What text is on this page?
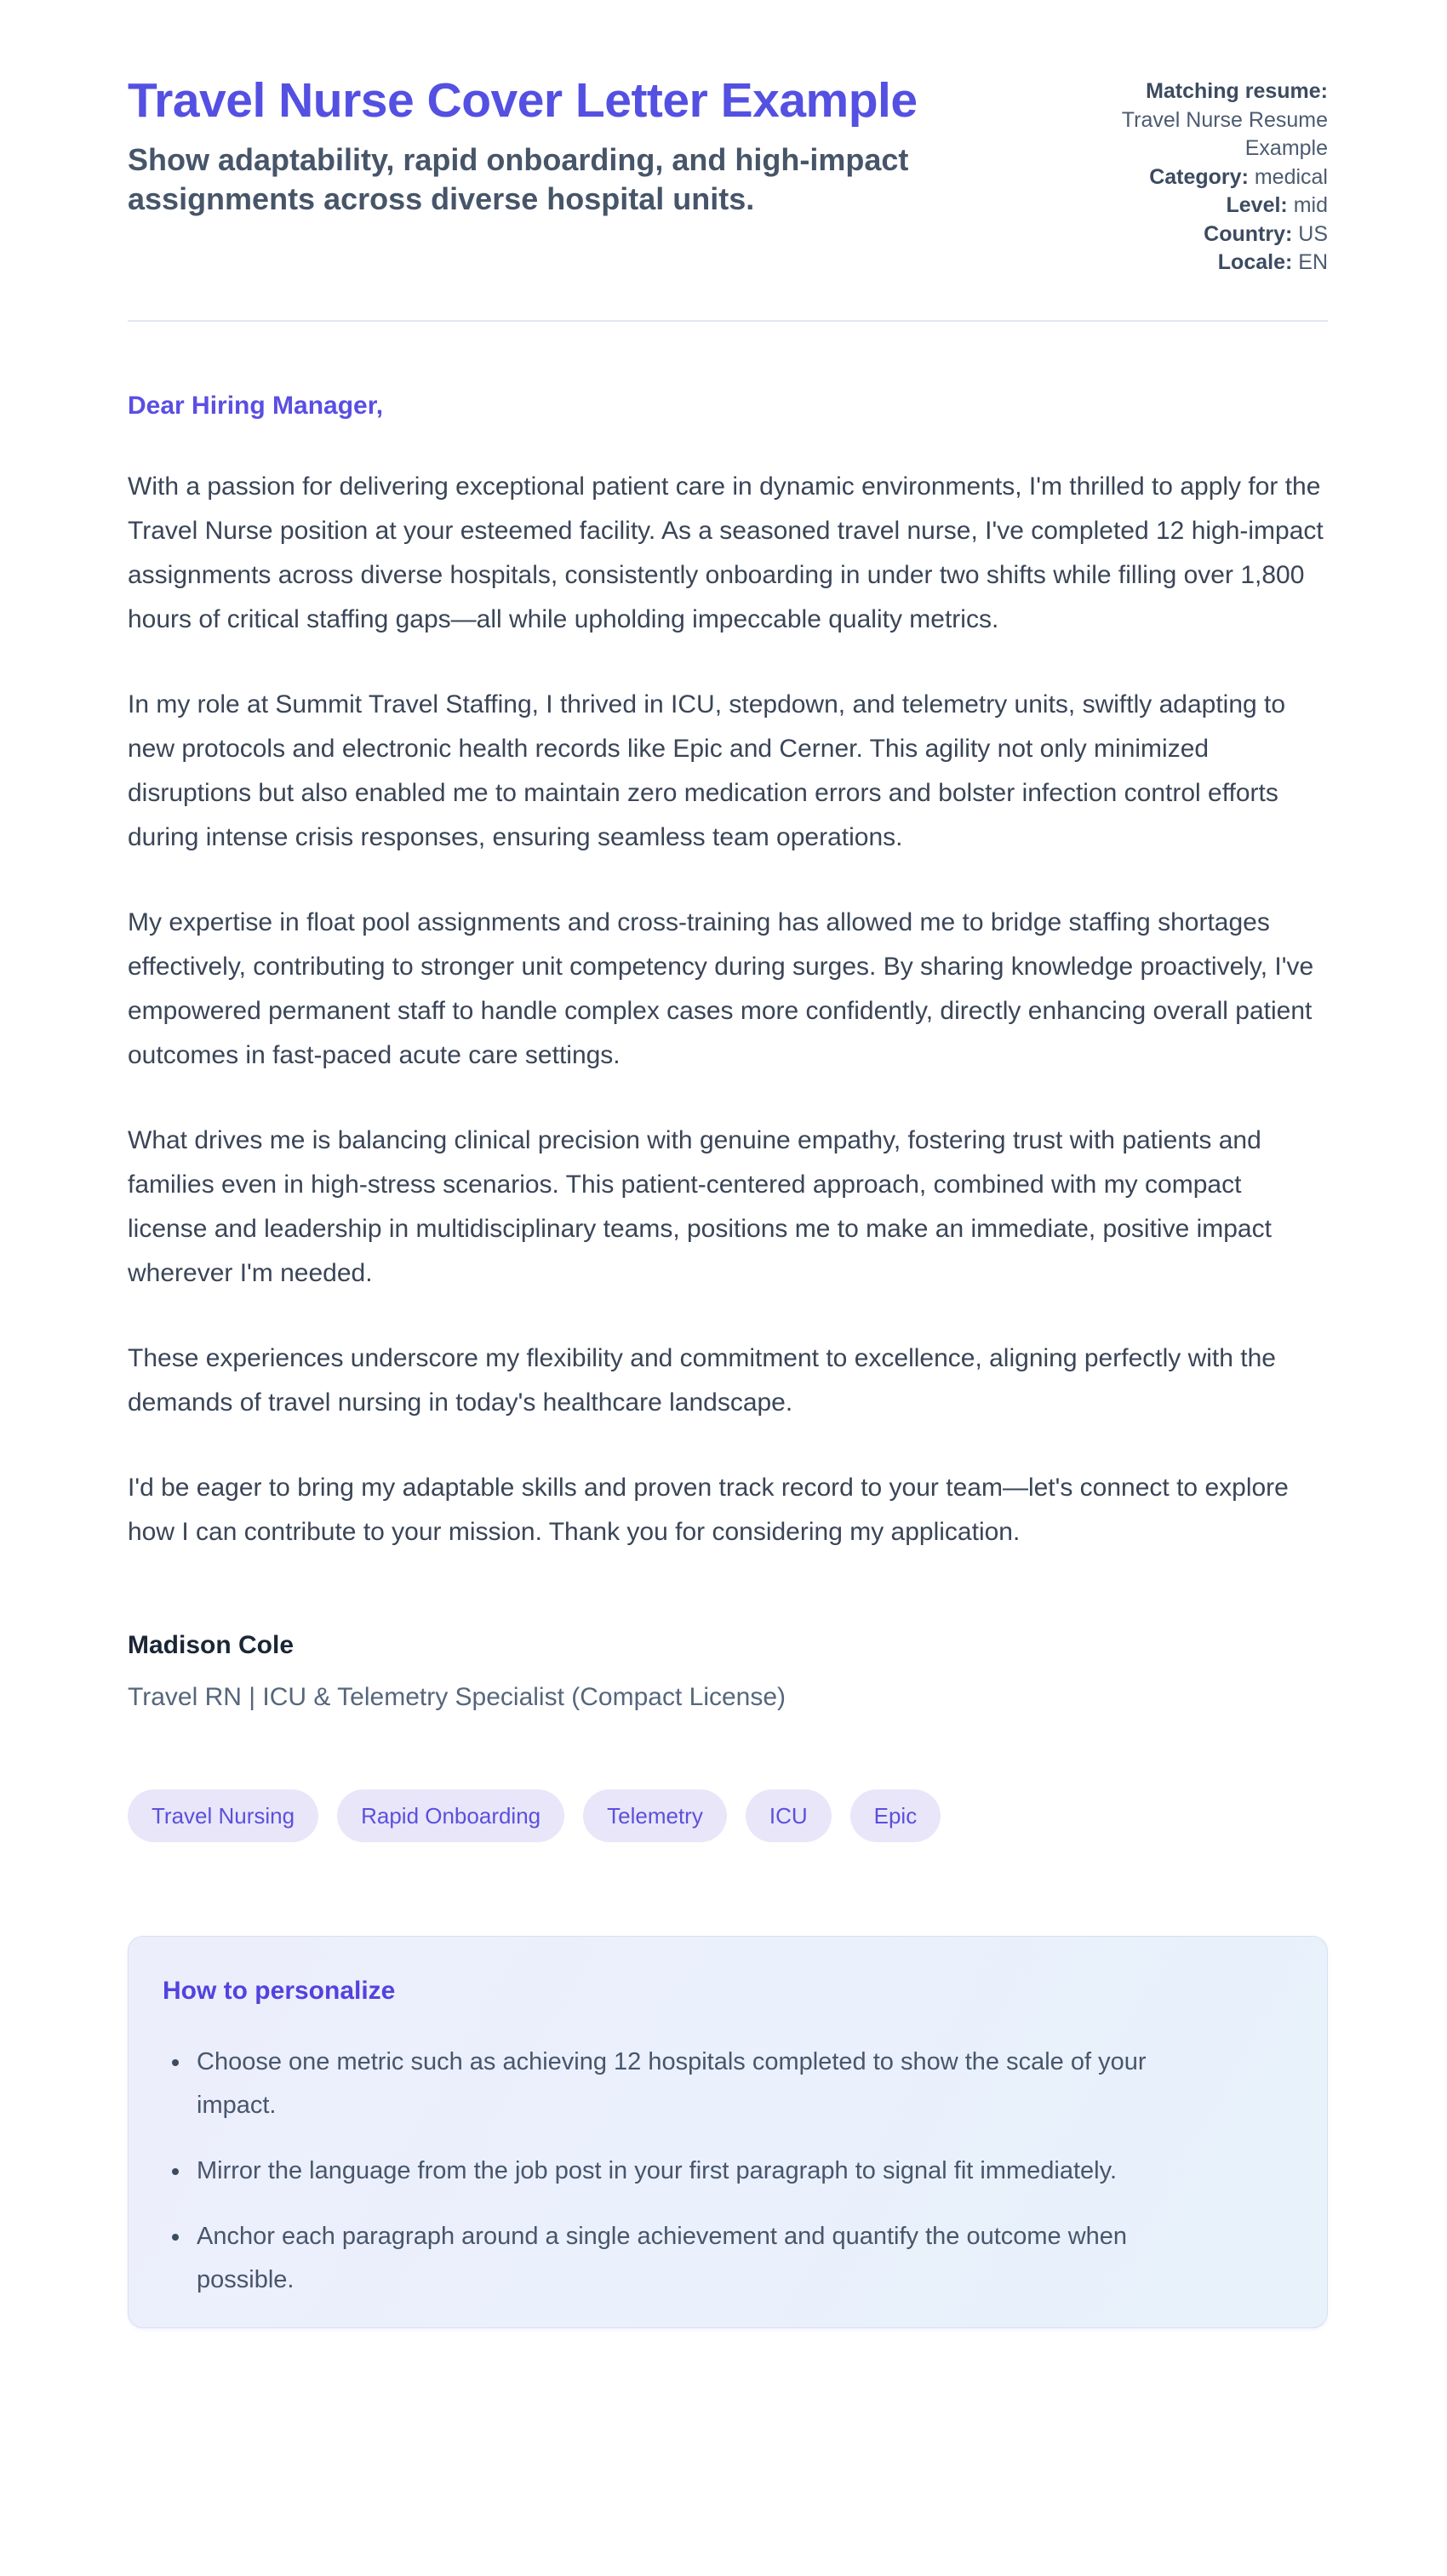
Travel Nurse Cover Letter Example
Show adaptability, rapid onboarding, and high-impact assignments across diverse hospital units.
Matching resume:
Travel Nurse Resume Example
Category: medical
Level: mid
Country: US
Locale: EN
Dear Hiring Manager,

With a passion for delivering exceptional patient care in dynamic environments, I'm thrilled to apply for the Travel Nurse position at your esteemed facility. As a seasoned travel nurse, I've completed 12 high-impact assignments across diverse hospitals, consistently onboarding in under two shifts while filling over 1,800 hours of critical staffing gaps—all while upholding impeccable quality metrics.

In my role at Summit Travel Staffing, I thrived in ICU, stepdown, and telemetry units, swiftly adapting to new protocols and electronic health records like Epic and Cerner. This agility not only minimized disruptions but also enabled me to maintain zero medication errors and bolster infection control efforts during intense crisis responses, ensuring seamless team operations.

My expertise in float pool assignments and cross-training has allowed me to bridge staffing shortages effectively, contributing to stronger unit competency during surges. By sharing knowledge proactively, I've empowered permanent staff to handle complex cases more confidently, directly enhancing overall patient outcomes in fast-paced acute care settings.

What drives me is balancing clinical precision with genuine empathy, fostering trust with patients and families even in high-stress scenarios. This patient-centered approach, combined with my compact license and leadership in multidisciplinary teams, positions me to make an immediate, positive impact wherever I'm needed.

These experiences underscore my flexibility and commitment to excellence, aligning perfectly with the demands of travel nursing in today's healthcare landscape.

I'd be eager to bring my adaptable skills and proven track record to your team—let's connect to explore how I can contribute to your mission. Thank you for considering my application.

Madison Cole
Travel RN | ICU & Telemetry Specialist (Compact License)
Travel Nursing	Rapid Onboarding	Telemetry	ICU	Epic
How to personalize
• Choose one metric such as achieving 12 hospitals completed to show the scale of your impact.
• Mirror the language from the job post in your first paragraph to signal fit immediately.
• Anchor each paragraph around a single achievement and quantify the outcome when possible.
